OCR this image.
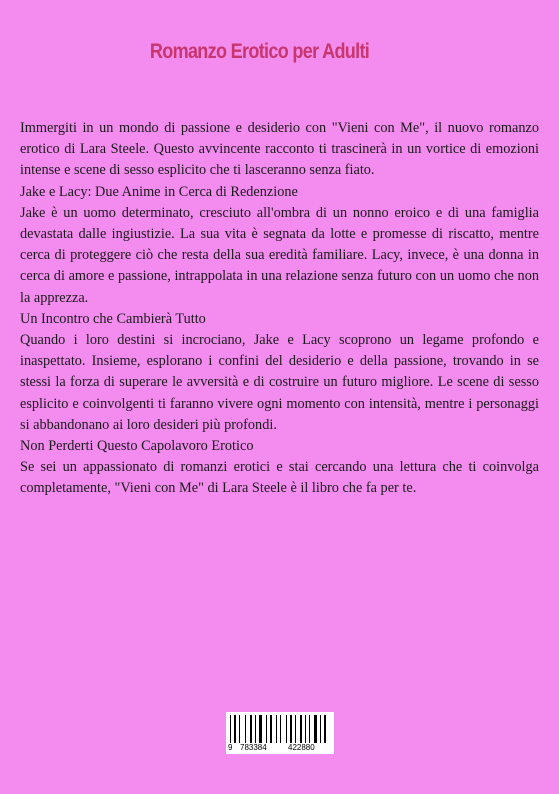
Romanzo Erotico per Adulti

Immergiti in un mondo di passione e desiderio con "Vieni con Me", il nuovo romanzo erotico di Lara Steele. Questo avvincente racconto ti trascinerà in un vortice di emozioni intense e scene di sesso esplicito che ti lasceranno senza fiato.

Jake e Lacy: Due Anime in Cerca di Redenzione

Jake è un uomo determinato, cresciuto all'ombra di un nonno eroico e di una famiglia devastata dalle ingiustizie. La sua vita è segnata da lotte e promesse di riscatto, mentre cerca di proteggere ciò che resta della sua eredità familiare. Lacy, invece, è una donna in cerca di amore e passione, intrappolata in una relazione senza futuro con un uomo che non la apprezza.

Un Incontro che Cambierà Tutto

Quando i loro destini si incrociano, Jake e Lacy scoprono un legame profondo e inaspettato. Insieme, esplorano i confini del desiderio e della passione, trovando in se stessi la forza di superare le avversità e di costruire un futuro migliore. Le scene di sesso esplicito e coinvolgenti ti faranno vivere ogni momento con intensità, mentre i personaggi si abbandonano ai loro desideri più profondi.

Non Perderti Questo Capolavoro Erotico

Se sei un appassionato di romanzi erotici e stai cercando una lettura che ti coinvolga completamente, "Vieni con Me" di Lara Steele è il libro che fa per te.

9 783384	422880
